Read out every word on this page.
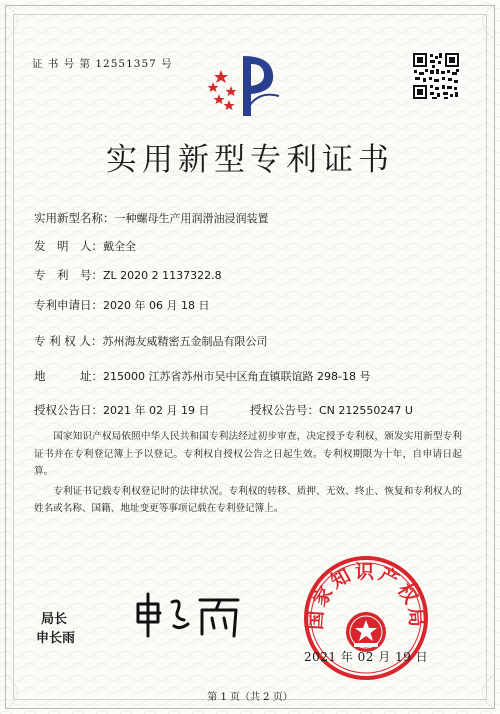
证 书 号 第 12551357 号
实用新型专利证书
实用新型名称：一种螺母生产用润滑油浸润装置
发　明　人：戴全全
专　利　号：ZL 2020 2 1137322.8
专利申请日：2020 年 06 月 18 日
专 利 权 人：苏州海友威精密五金制品有限公司
地　　　址：215000 江苏省苏州市吴中区角直镇联谊路 298-18 号
授权公告日：2021 年 02 月 19 日	授权公告号：CN 212550247 U

国家知识产权局依照中华人民共和国专利法经过初步审查，决定授予专利权，颁发实用新型专利证书并在专利登记簿上予以登记。专利权自授权公告之日起生效。专利权期限为十年，自申请日起算。

专利证书记载专利权登记时的法律状况。专利权的转移、质押、无效、终止、恢复和专利权人的姓名或名称、国籍、地址变更等事项记载在专利登记簿上。

局长
申长雨
国家知识产权局
2021 年 02 月 19 日
第 1 页（共 2 页）
